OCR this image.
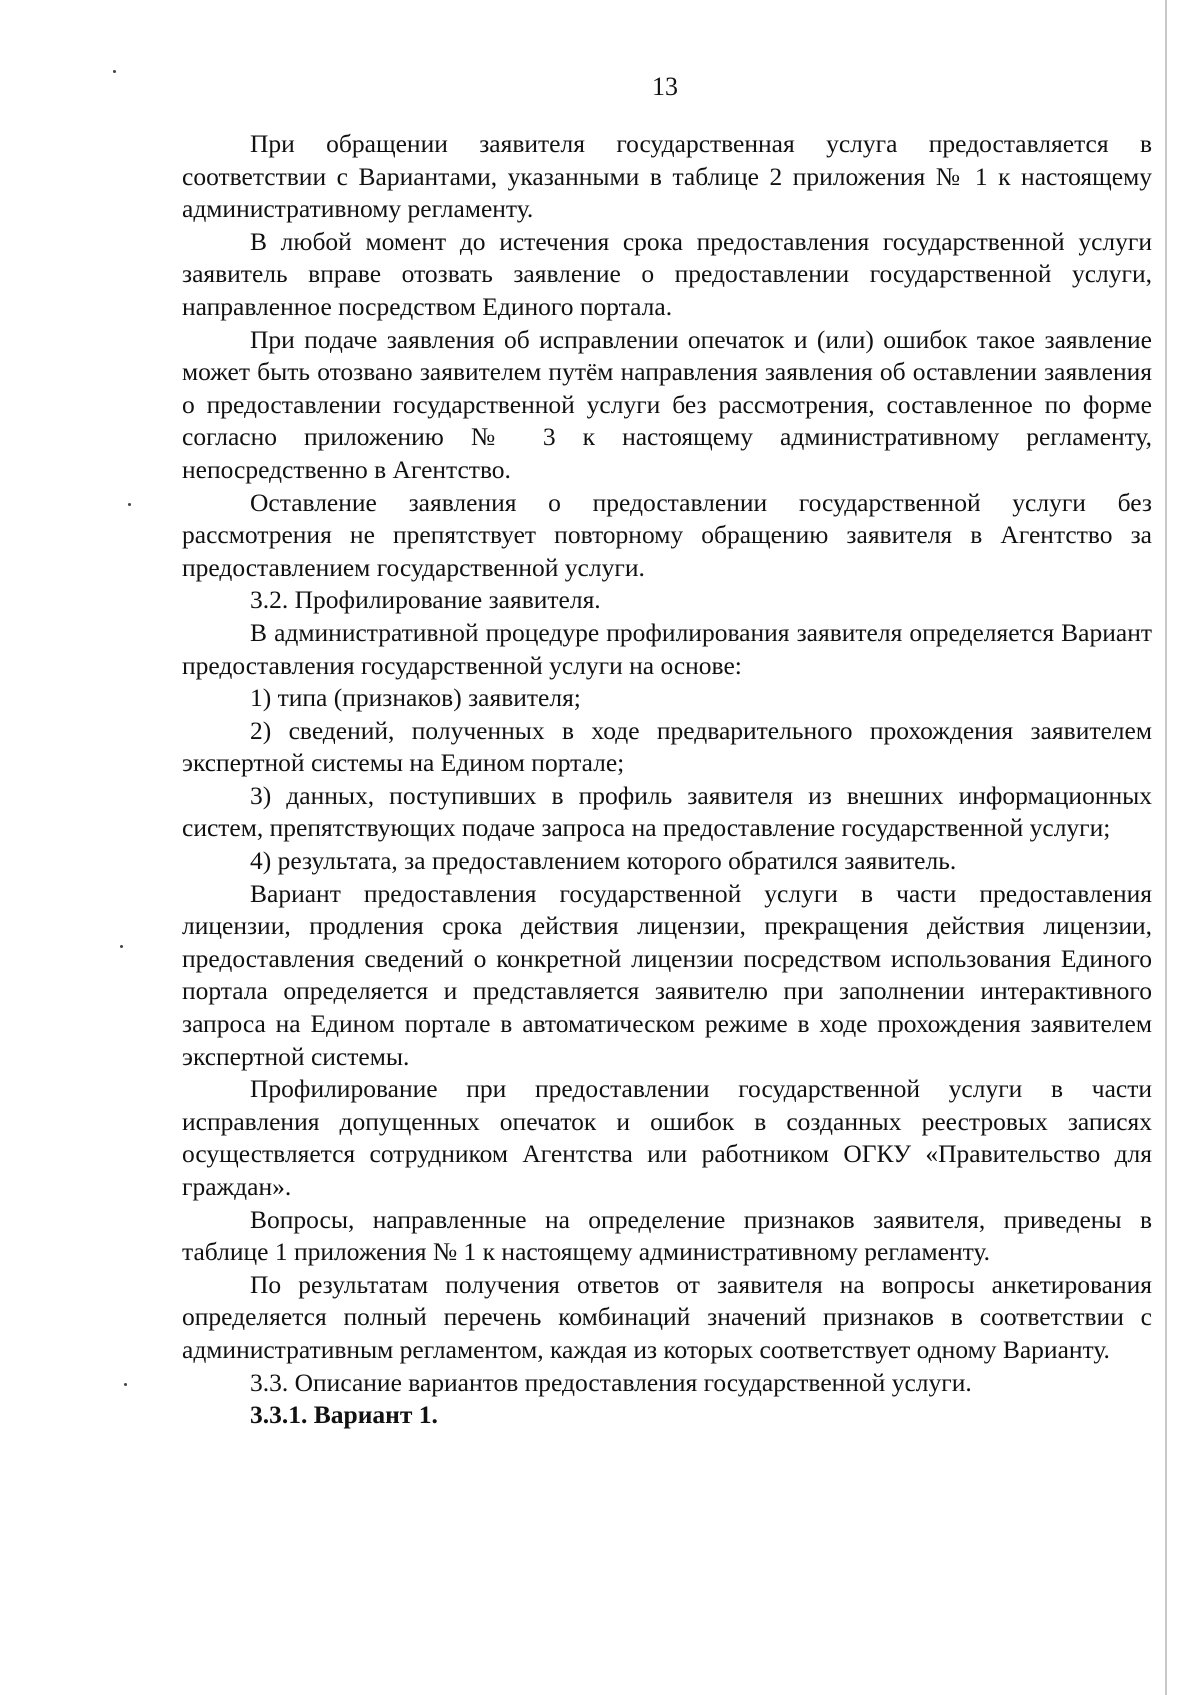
13

При обращении заявителя государственная услуга предоставляется в соответствии с Вариантами, указанными в таблице 2 приложения № 1 к настоящему административному регламенту.

В любой момент до истечения срока предоставления государственной услуги заявитель вправе отозвать заявление о предоставлении государственной услуги, направленное посредством Единого портала.

При подаче заявления об исправлении опечаток и (или) ошибок такое заявление может быть отозвано заявителем путём направления заявления об оставлении заявления о предоставлении государственной услуги без рассмотрения, составленное по форме согласно приложению № 3 к настоящему административному регламенту, непосредственно в Агентство.

Оставление заявления о предоставлении государственной услуги без рассмотрения не препятствует повторному обращению заявителя в Агентство за предоставлением государственной услуги.

3.2. Профилирование заявителя.

В административной процедуре профилирования заявителя определяется Вариант предоставления государственной услуги на основе:

1) типа (признаков) заявителя;

2) сведений, полученных в ходе предварительного прохождения заявителем экспертной системы на Едином портале;

3) данных, поступивших в профиль заявителя из внешних информационных систем, препятствующих подаче запроса на предоставление государственной услуги;

4) результата, за предоставлением которого обратился заявитель.

Вариант предоставления государственной услуги в части предоставления лицензии, продления срока действия лицензии, прекращения действия лицензии, предоставления сведений о конкретной лицензии посредством использования Единого портала определяется и представляется заявителю при заполнении интерактивного запроса на Едином портале в автоматическом режиме в ходе прохождения заявителем экспертной системы.

Профилирование при предоставлении государственной услуги в части исправления допущенных опечаток и ошибок в созданных реестровых записях осуществляется сотрудником Агентства или работником ОГКУ «Правительство для граждан».

Вопросы, направленные на определение признаков заявителя, приведены в таблице 1 приложения № 1 к настоящему административному регламенту.

По результатам получения ответов от заявителя на вопросы анкетирования определяется полный перечень комбинаций значений признаков в соответствии с административным регламентом, каждая из которых соответствует одному Варианту.

3.3. Описание вариантов предоставления государственной услуги.

3.3.1. Вариант 1.
